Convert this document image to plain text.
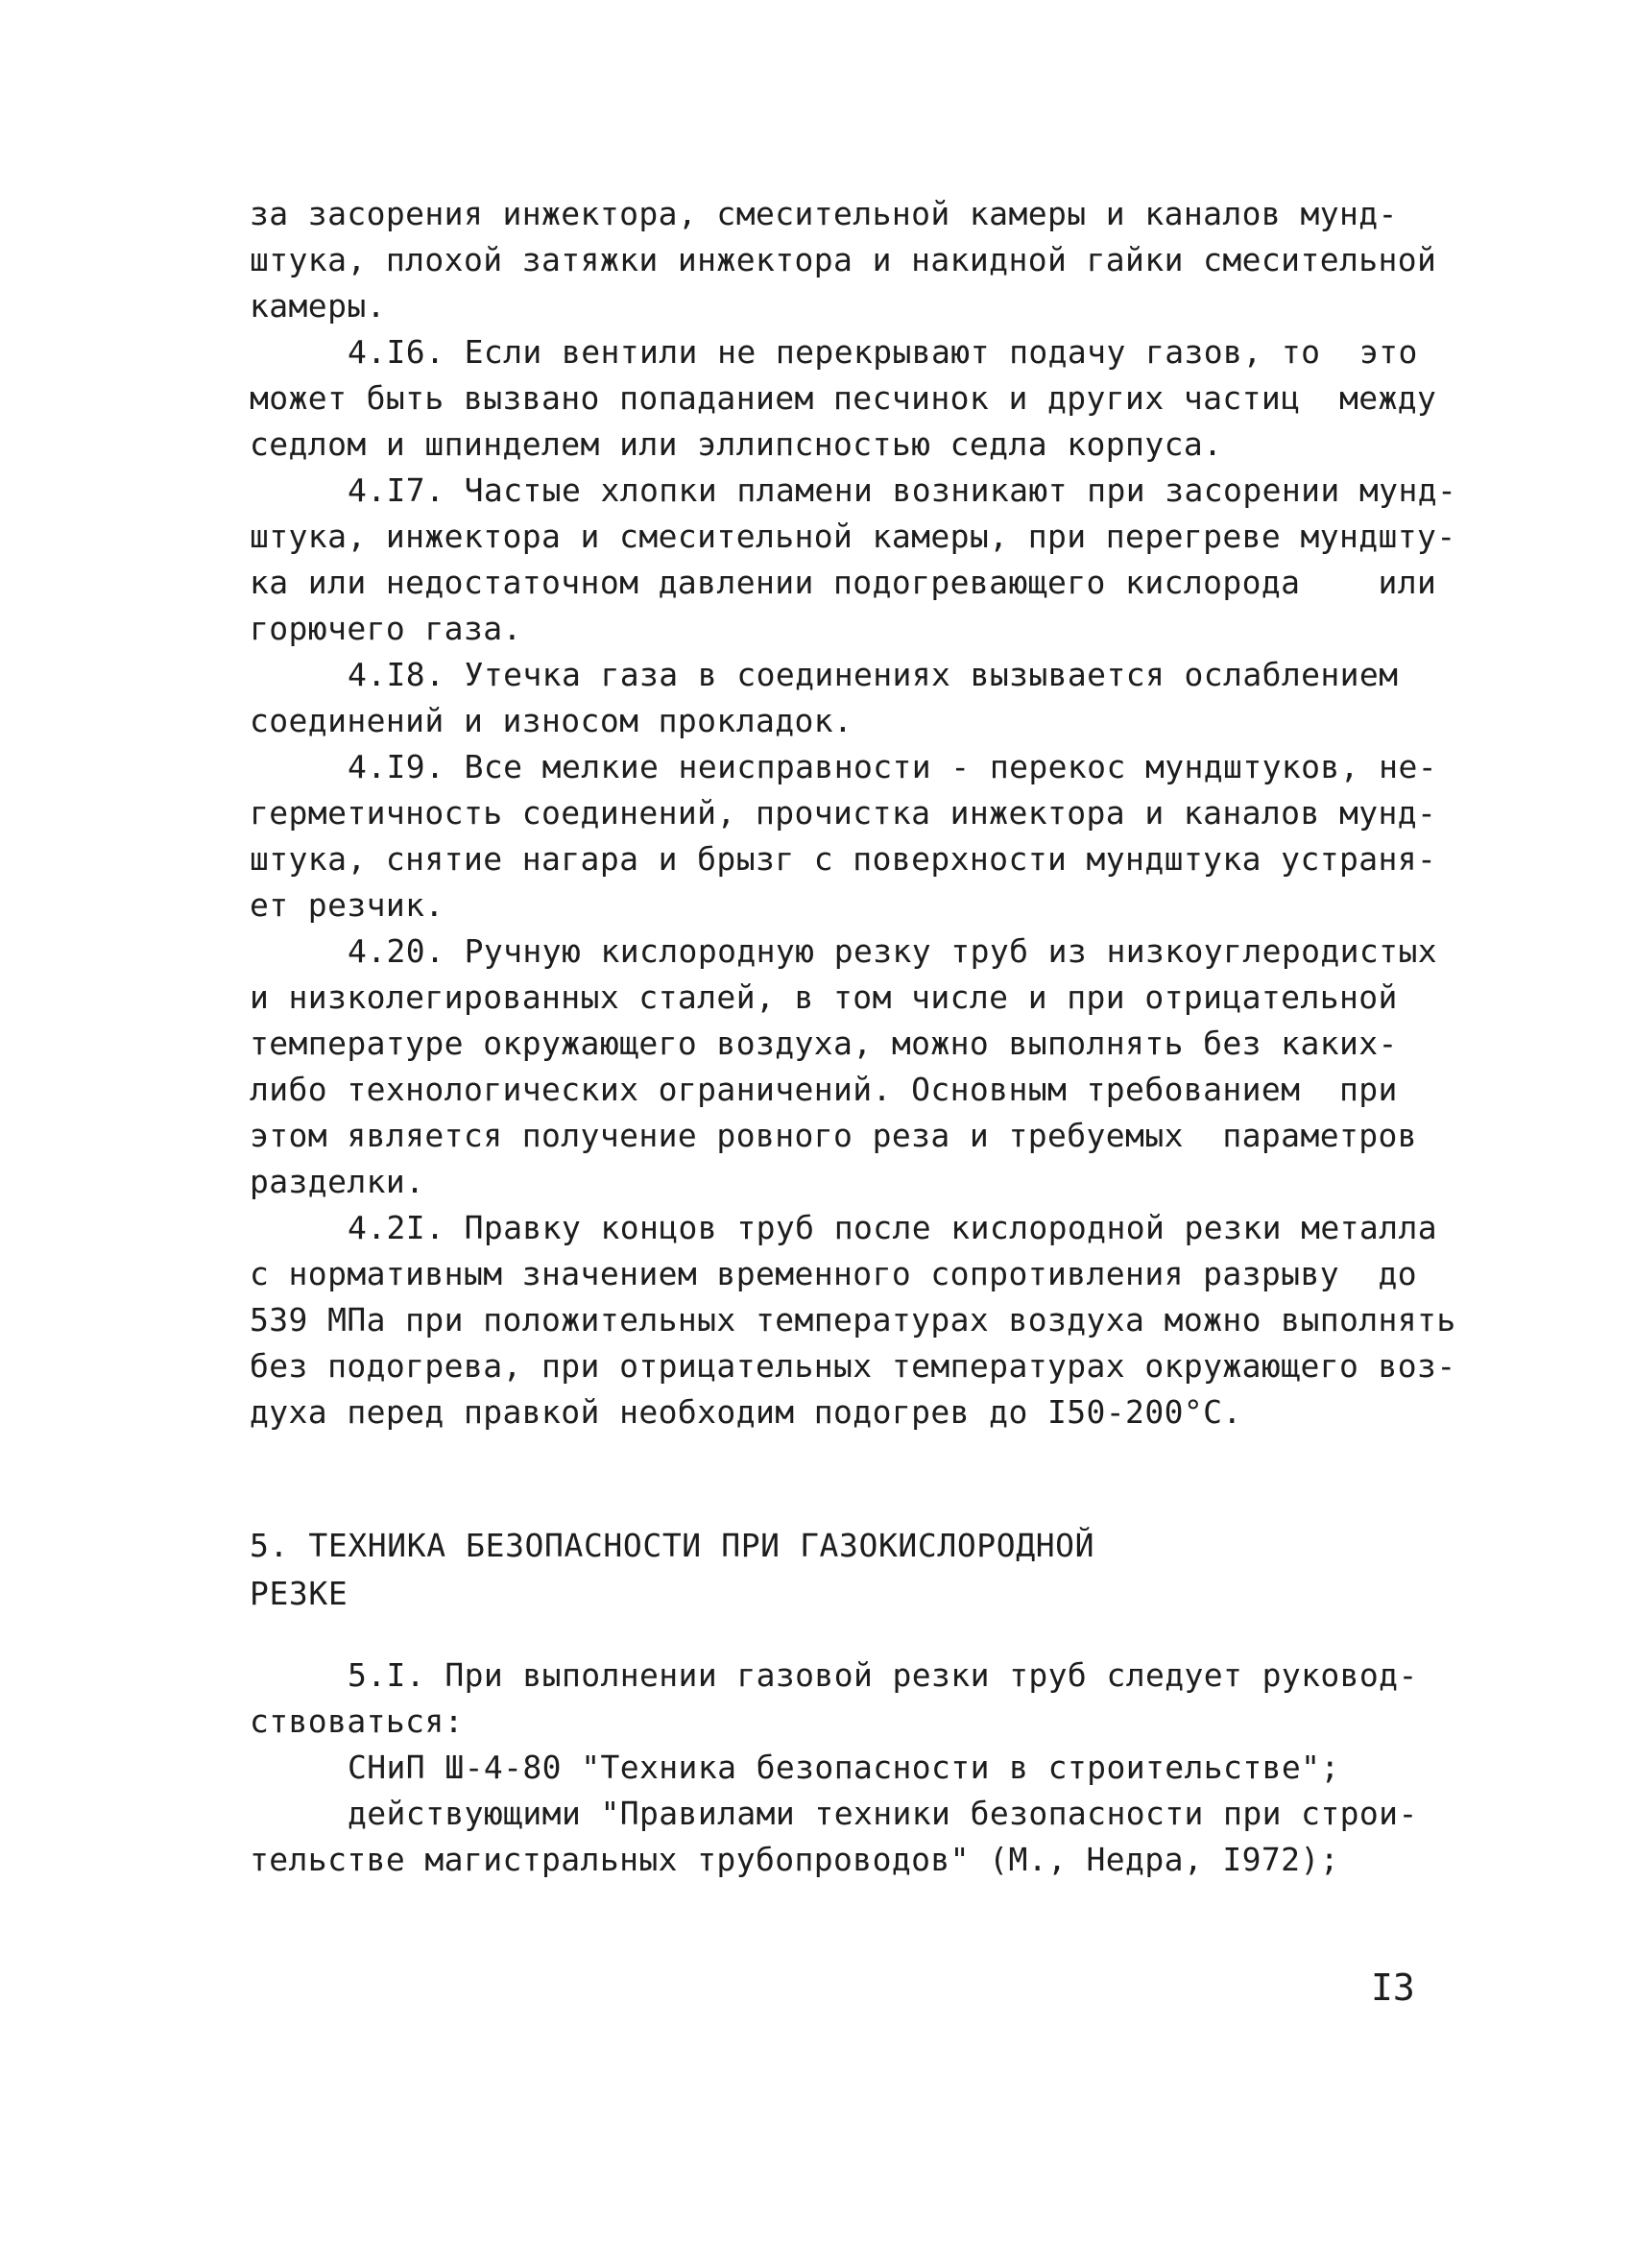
за засорения инжектора, смесительной камеры и каналов мунд-
штука, плохой затяжки инжектора и накидной гайки смесительной
камеры.
4.I6. Если вентили не перекрывают подачу газов, то  это
может быть вызвано попаданием песчинок и других частиц  между
седлом и шпинделем или эллипсностью седла корпуса.
4.I7. Частые хлопки пламени возникают при засорении мунд-
штука, инжектора и смесительной камеры, при перегреве мундшту-
ка или недостаточном давлении подогревающего кислорода    или
горючего газа.
4.I8. Утечка газа в соединениях вызывается ослаблением
соединений и износом прокладок.
4.I9. Все мелкие неисправности - перекос мундштуков, не-
герметичность соединений, прочистка инжектора и каналов мунд-
штука, снятие нагара и брызг с поверхности мундштука устраня-
ет резчик.
4.20. Ручную кислородную резку труб из низкоуглеродистых
и низколегированных сталей, в том числе и при отрицательной
температуре окружающего воздуха, можно выполнять без каких-
либо технологических ограничений. Основным требованием  при
этом является получение ровного реза и требуемых  параметров
разделки.
4.2I. Правку концов труб после кислородной резки металла
с нормативным значением временного сопротивления разрыву  до
539 МПа при положительных температурах воздуха можно выполнять
без подогрева, при отрицательных температурах окружающего воз-
духа перед правкой необходим подогрев до I50-200°С.
5. ТЕХНИКА БЕЗОПАСНОСТИ ПРИ ГАЗОКИСЛОРОДНОЙ
РЕЗКЕ
5.I. При выполнении газовой резки труб следует руковод-
ствоваться:
СНиП Ш-4-80 "Техника безопасности в строительстве";
действующими "Правилами техники безопасности при строи-
тельстве магистральных трубопроводов" (М., Недра, I972);
I3
